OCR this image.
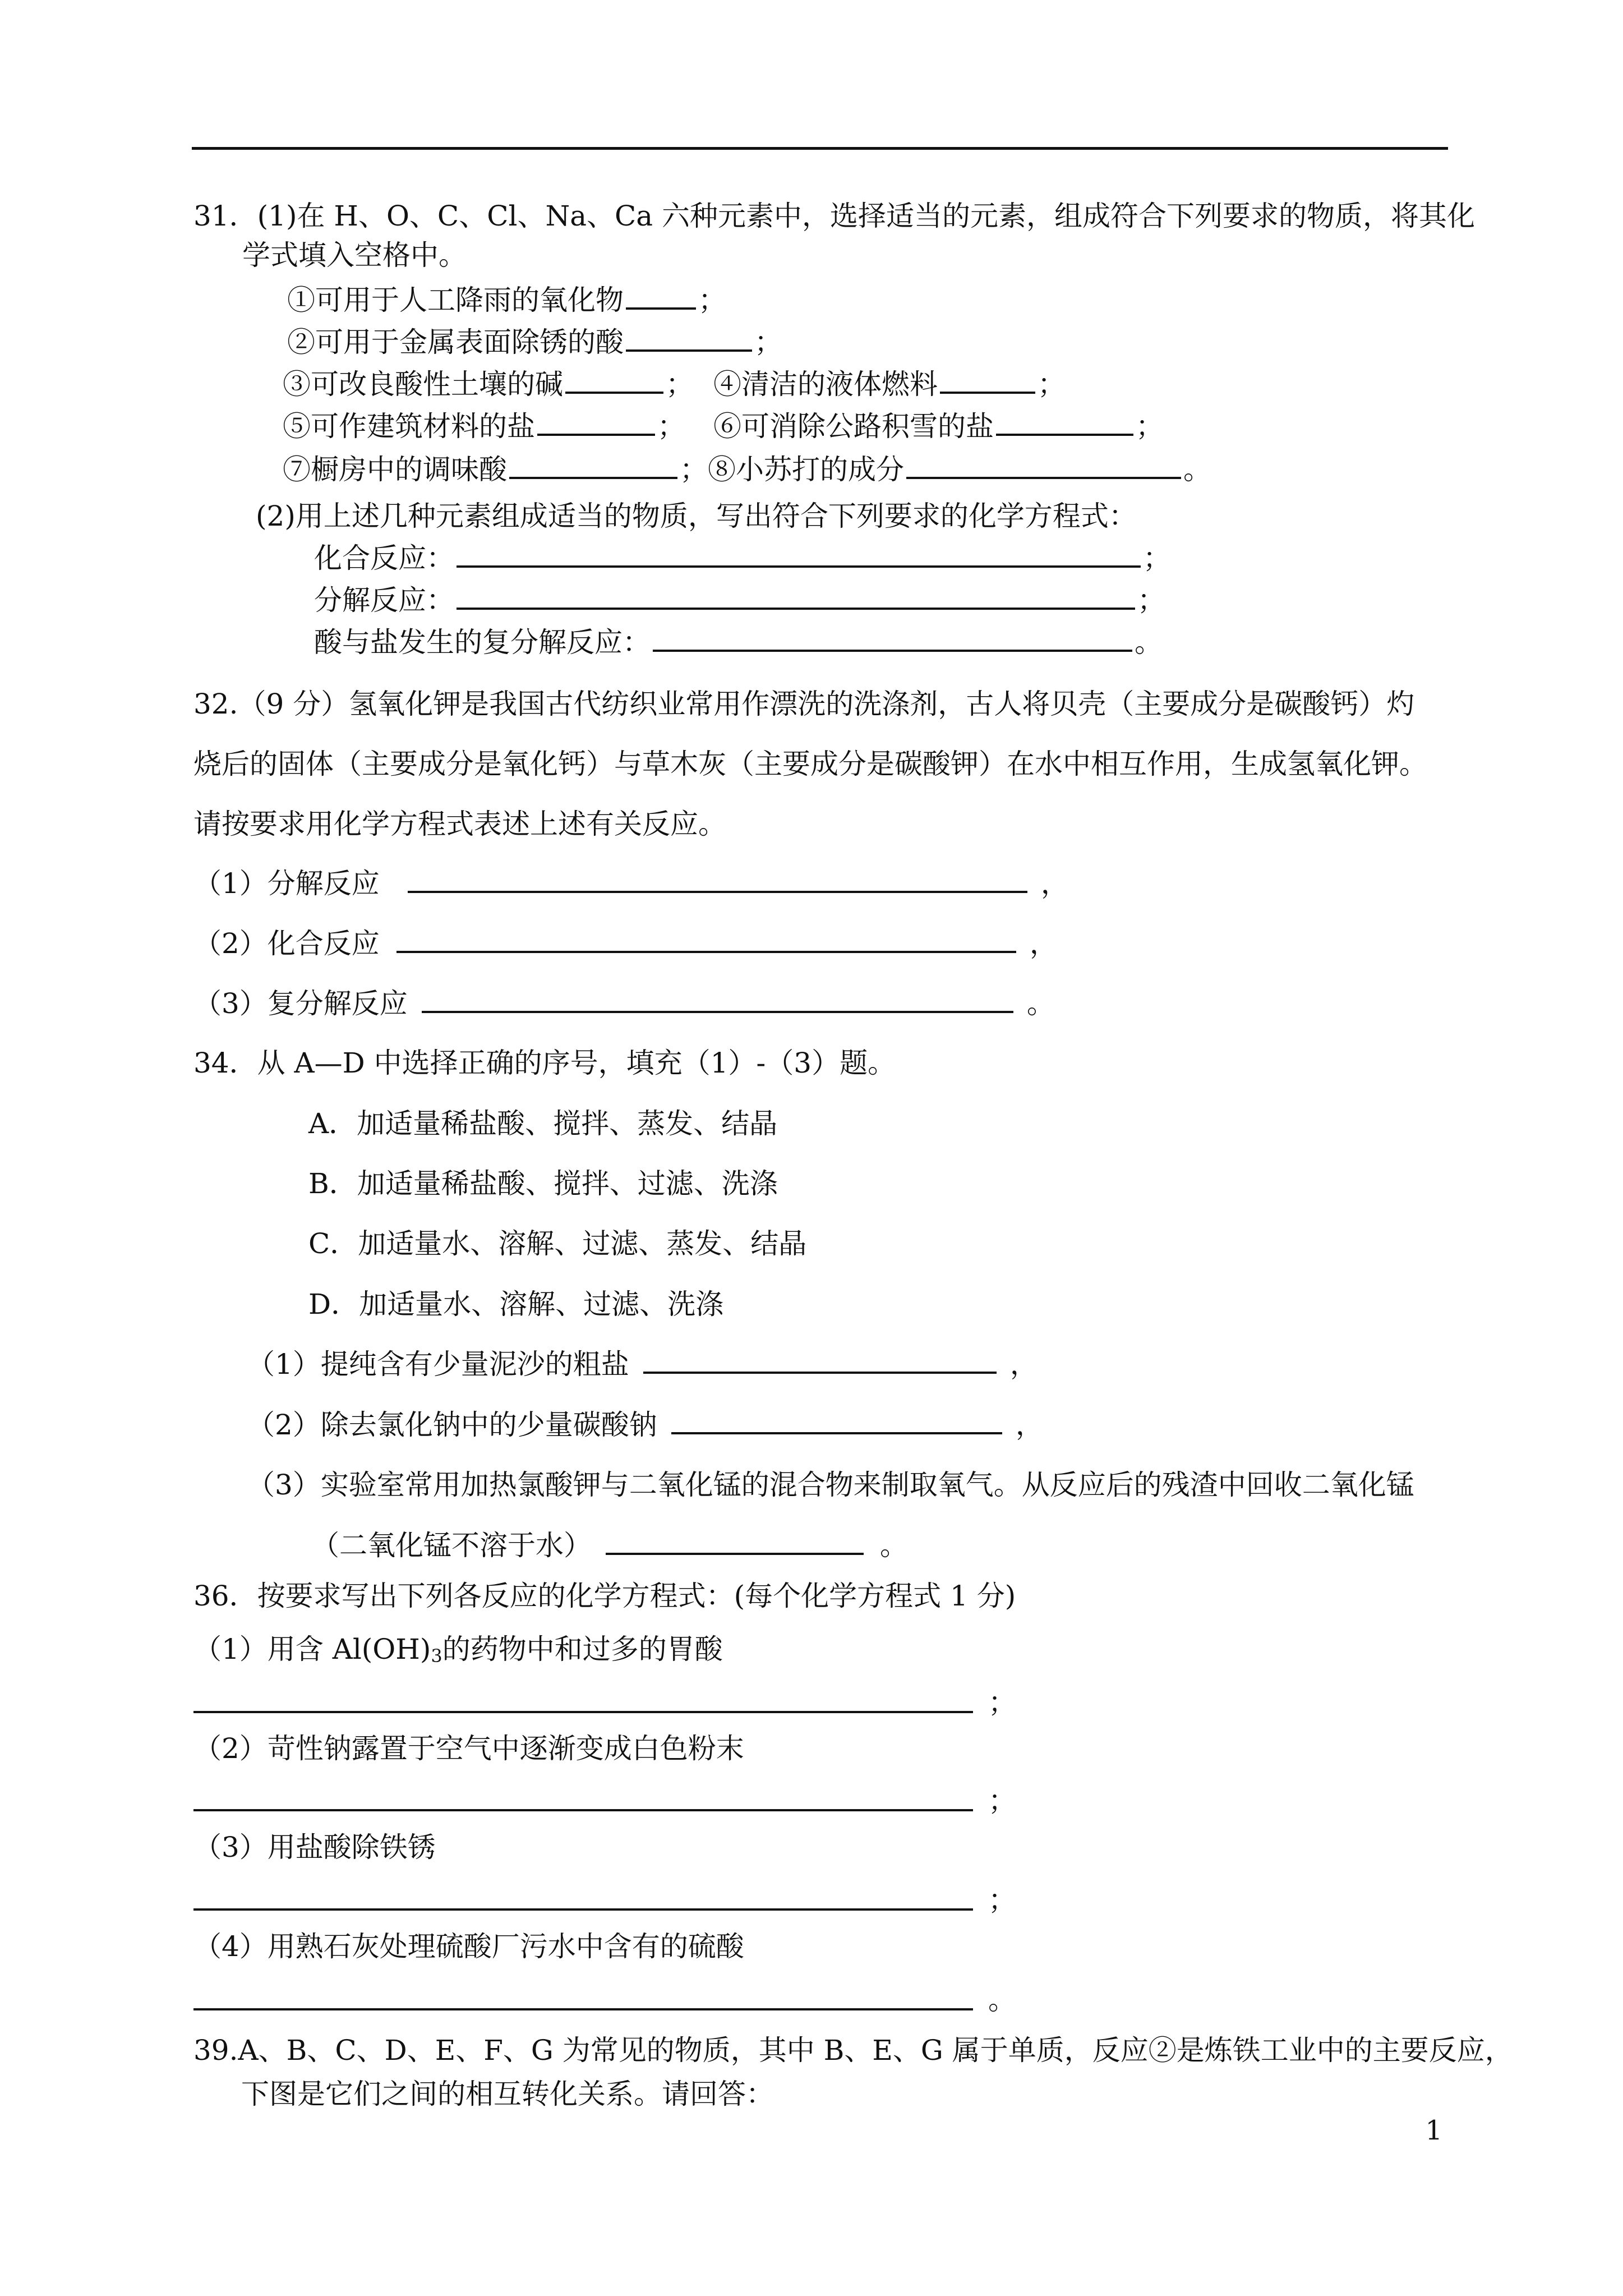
31．(1)在 H、O、C、Cl、Na、Ca 六种元素中，选择适当的元素，组成符合下列要求的物质，将其化
学式填入空格中。
①可用于人工降雨的氧化物	；
②可用于金属表面除锈的酸	；
③可改良酸性土壤的碱	； ④清洁的液体燃料	；
⑤可作建筑材料的盐	； ⑥可消除公路积雪的盐	；
⑦橱房中的调味酸	；⑧小苏打的成分	。
(2)用上述几种元素组成适当的物质，写出符合下列要求的化学方程式：
化合反应：	；
分解反应：	；
酸与盐发生的复分解反应：	。
32.（9 分）氢氧化钾是我国古代纺织业常用作漂洗的洗涤剂，古人将贝壳（主要成分是碳酸钙）灼
烧后的固体（主要成分是氧化钙）与草木灰（主要成分是碳酸钾）在水中相互作用，生成氢氧化钾。
请按要求用化学方程式表述上述有关反应。
（1）分解反应	，
（2）化合反应	，
（3）复分解反应	。
34．从 A—D 中选择正确的序号，填充（1）-（3）题。
A．加适量稀盐酸、搅拌、蒸发、结晶
B．加适量稀盐酸、搅拌、过滤、洗涤
C．加适量水、溶解、过滤、蒸发、结晶
D．加适量水、溶解、过滤、洗涤
（1）提纯含有少量泥沙的粗盐	，
（2）除去氯化钠中的少量碳酸钠	，
（3）实验室常用加热氯酸钾与二氧化锰的混合物来制取氧气。从反应后的残渣中回收二氧化锰
（二氧化锰不溶于水）	。
36．按要求写出下列各反应的化学方程式：(每个化学方程式 1 分)
（1）用含 $Al(OH)_3$的药物中和过多的胃酸
；
（2）苛性钠露置于空气中逐渐变成白色粉末
；
（3）用盐酸除铁锈
；
（4）用熟石灰处理硫酸厂污水中含有的硫酸
。
39.A、B、C、D、E、F、G 为常见的物质，其中 B、E、G 属于单质，反应②是炼铁工业中的主要反应，
下图是它们之间的相互转化关系。请回答：
1
